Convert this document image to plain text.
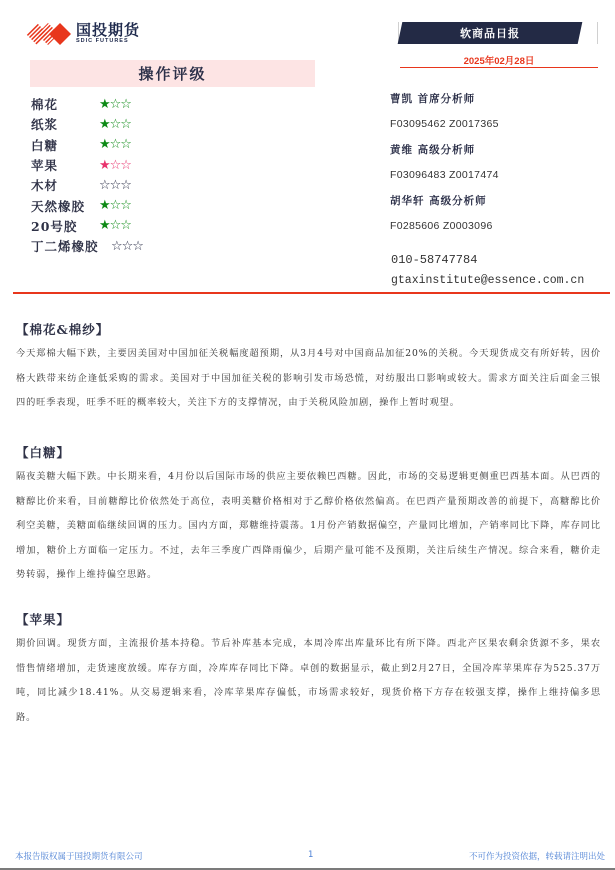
国投期货
SDIC FUTURES
操作评级
棉花	★☆☆
纸浆	★☆☆
白糖	★☆☆
苹果	★☆☆
木材	☆☆☆
天然橡胶	★☆☆
20号胶	★☆☆
丁二烯橡胶 ☆☆☆
软商品日报
2025年02月28日
曹凯 首席分析师
F03095462 Z0017365
黄维 高级分析师
F03096483 Z0017474
胡华轩 高级分析师
F0285606 Z0003096
010-58747784
gtaxinstitute@essence.com.cn
【棉花&棉纱】
今天郑棉大幅下跌，主要因美国对中国加征关税幅度超预期，从3月4号对中国商品加征20%的关税。今天现货成交有所好转，因价格大跌带来纺企逢低采购的需求。美国对于中国加征关税的影响引发市场恐慌，对纺服出口影响或较大。需求方面关注后面金三银四的旺季表现，旺季不旺的概率较大，关注下方的支撑情况，由于关税风险加剧，操作上暂时观望。
【白糖】
隔夜美糖大幅下跌。中长期来看，4月份以后国际市场的供应主要依赖巴西糖。因此，市场的交易逻辑更侧重巴西基本面。从巴西的糖醇比价来看，目前糖醇比价依然处于高位，表明美糖价格相对于乙醇价格依然偏高。在巴西产量预期改善的前提下，高糖醇比价利空美糖，美糖面临继续回调的压力。国内方面，郑糖维持震荡。1月份产销数据偏空，产量同比增加，产销率同比下降，库存同比增加，糖价上方面临一定压力。不过，去年三季度广西降雨偏少，后期产量可能不及预期，关注后续生产情况。综合来看，糖价走势转弱，操作上维持偏空思路。
【苹果】
期价回调。现货方面，主流报价基本持稳。节后补库基本完成，本周冷库出库量环比有所下降。西北产区果农剩余货源不多，果农惜售情绪增加，走货速度放缓。库存方面，冷库库存同比下降。卓创的数据显示，截止到2月27日，全国冷库苹果库存为525.37万吨，同比减少18.41%。从交易逻辑来看，冷库苹果库存偏低，市场需求较好，现货价格下方存在较强支撑，操作上维持偏多思路。
本报告版权属于国投期货有限公司	1	不可作为投资依据，转载请注明出处
